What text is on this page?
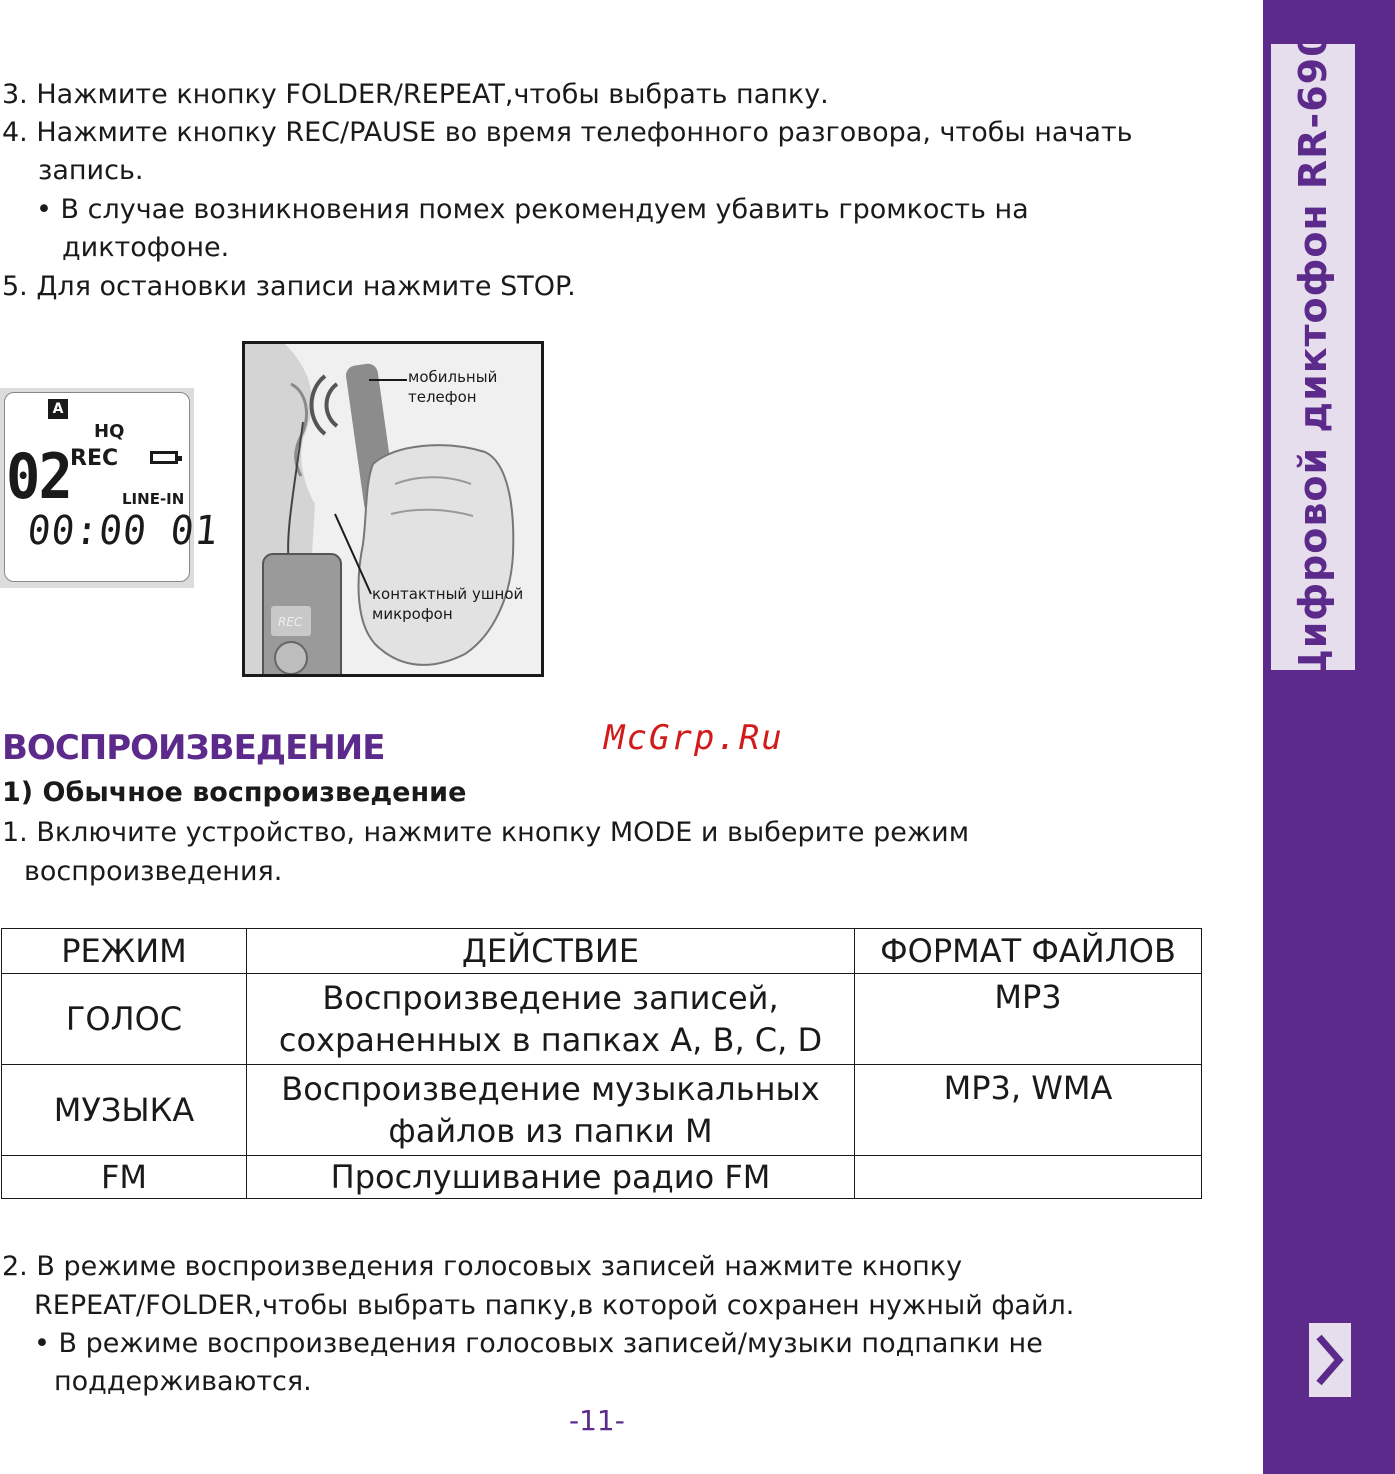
Цифровой диктофон RR-690

3. Нажмите кнопку FOLDER/REPEAT,чтобы выбрать папку.

4. Нажмите кнопку REC/PAUSE во время телефонного разговора, чтобы начать

запись.

• В случае возникновения помех рекомендуем убавить громкость на

диктофоне.

5. Для остановки записи нажмите STOP.

A
HQ
REC
02	LINE-IN
00:00 01
мобильный
телефон
контактный ушной
микрофон
REC
ВОСПРОИЗВЕДЕНИЕ	McGrp.Ru
1) Обычное воспроизведение

1. Включите устройство, нажмите кнопку MODE и выберите режим

воспроизведения.

РЕЖИМ	ДЕЙСТВИЕ	ФОРМАТ ФАЙЛОВ
ГОЛОС	Воспроизведение записей,
сохраненных в папках A, B, C, D	MP3
МУЗЫКА	Воспроизведение музыкальных
файлов из папки M	MP3, WMA
FM	Прослушивание радио FM	

2. В режиме воспроизведения голосовых записей нажмите кнопку

REPEAT/FOLDER,чтобы выбрать папку,в которой сохранен нужный файл.

• В режиме воспроизведения голосовых записей/музыки подпапки не

поддерживаются.

-11-
